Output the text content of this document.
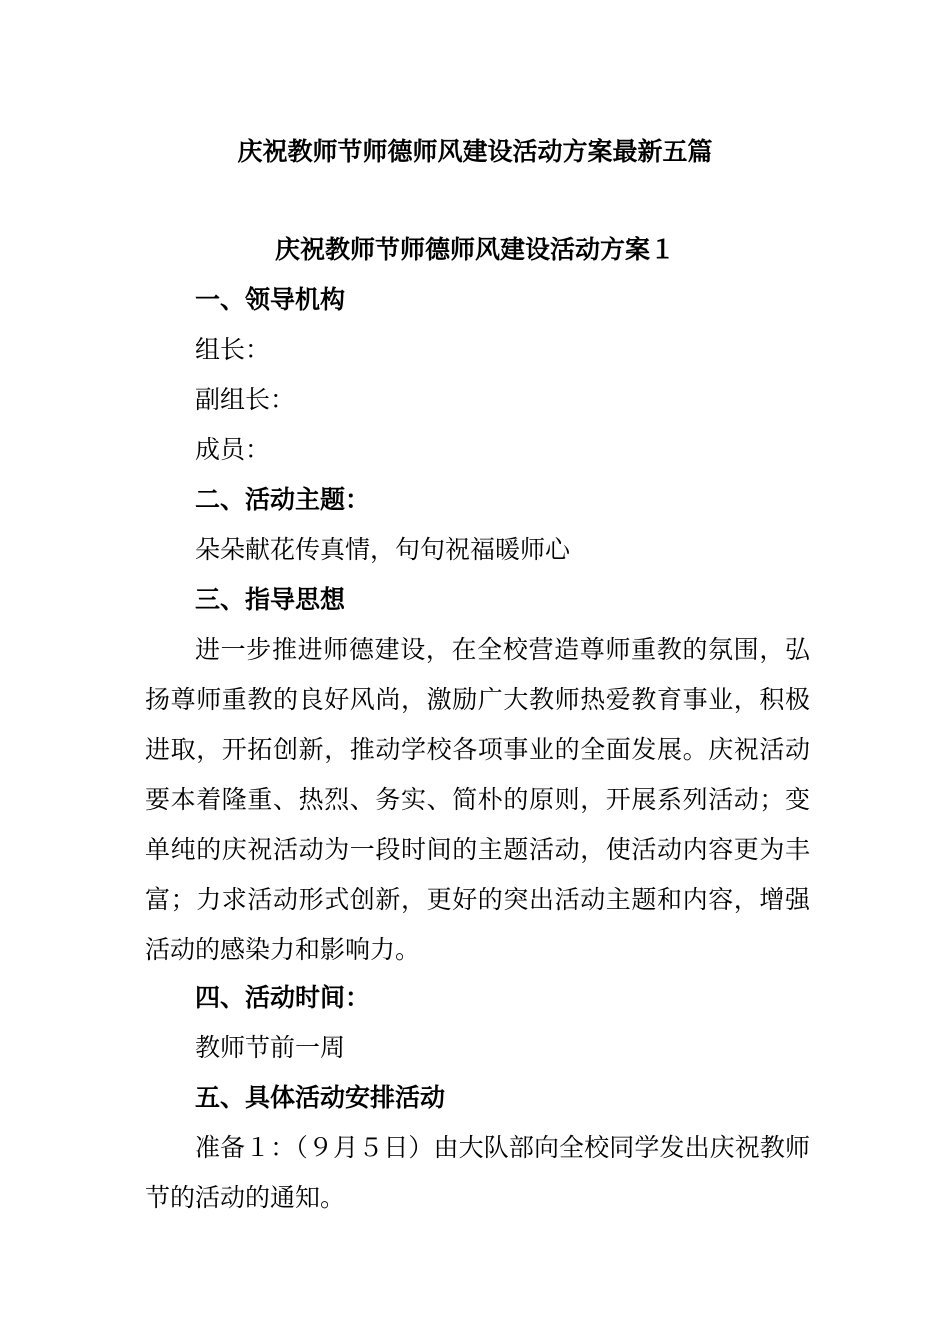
庆祝教师节师德师风建设活动方案最新五篇
庆祝教师节师德师风建设活动方案１
一、领导机构
组长：
副组长：
成员：
二、活动主题：
朵朵献花传真情，句句祝福暖师心
三、指导思想

进一步推进师德建设，在全校营造尊师重教的氛围，弘扬尊师重教的良好风尚，激励广大教师热爱教育事业，积极进取，开拓创新，推动学校各项事业的全面发展。庆祝活动要本着隆重、热烈、务实、简朴的原则，开展系列活动；变单纯的庆祝活动为一段时间的主题活动，使活动内容更为丰富；力求活动形式创新，更好的突出活动主题和内容，增强活动的感染力和影响力。

四、活动时间：
教师节前一周
五、具体活动安排活动

准备１：（９月５日）由大队部向全校同学发出庆祝教师节的活动的通知。
